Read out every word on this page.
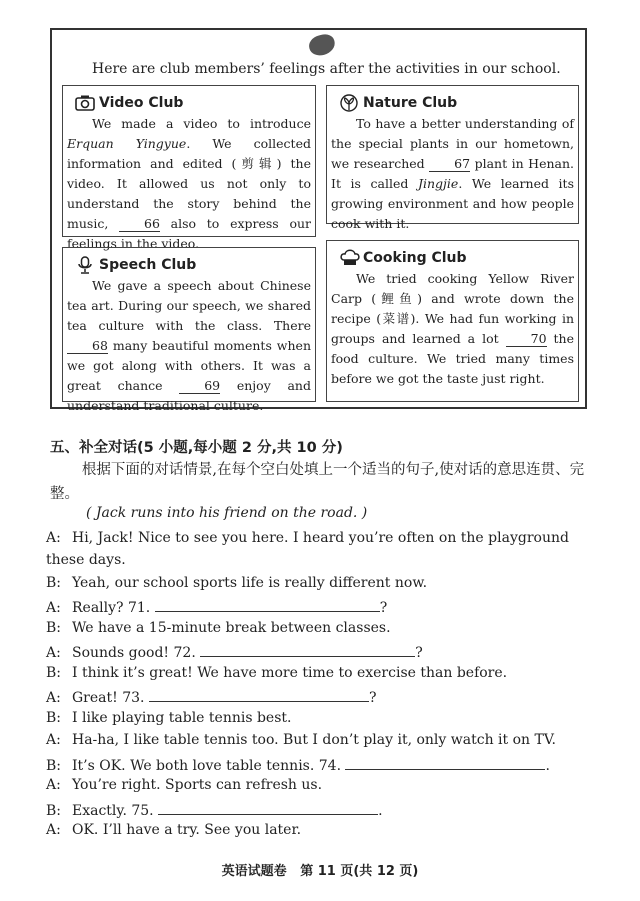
Here are club members’ feelings after the activities in our school.
Video Club
We made a video to introduce Erquan Yingyue. We collected information and edited (剪辑) the video. It allowed us not only to understand the story behind the music, 66 also to express our feelings in the video.
Nature Club
To have a better understanding of the special plants in our hometown, we researched 67 plant in Henan. It is called Jingjie. We learned its growing environment and how people cook with it.
Speech Club
We gave a speech about Chinese tea art. During our speech, we shared tea culture with the class. There 68 many beautiful moments when we got along with others. It was a great chance 69 enjoy and understand traditional culture.
Cooking Club
We tried cooking Yellow River Carp (鲤鱼) and wrote down the recipe (菜谱). We had fun working in groups and learned a lot 70 the food culture. We tried many times before we got the taste just right.
五、补全对话(5 小题,每小题 2 分,共 10 分)
根据下面的对话情景,在每个空白处填上一个适当的句子,使对话的意思连贯、完整。
( Jack runs into his friend on the road. )
A: Hi, Jack! Nice to see you here. I heard you’re often on the playground these days.
B: Yeah, our school sports life is really different now.
A: Really? 71.	?
B: We have a 15-minute break between classes.
A: Sounds good! 72.	?
B: I think it’s great! We have more time to exercise than before.
A: Great! 73.	?
B: I like playing table tennis best.
A: Ha-ha, I like table tennis too. But I don’t play it, only watch it on TV.
B: It’s OK. We both love table tennis. 74.	.
A: You’re right. Sports can refresh us.
B: Exactly. 75.	.
A: OK. I’ll have a try. See you later.
英语试题卷   第 11 页(共 12 页)
